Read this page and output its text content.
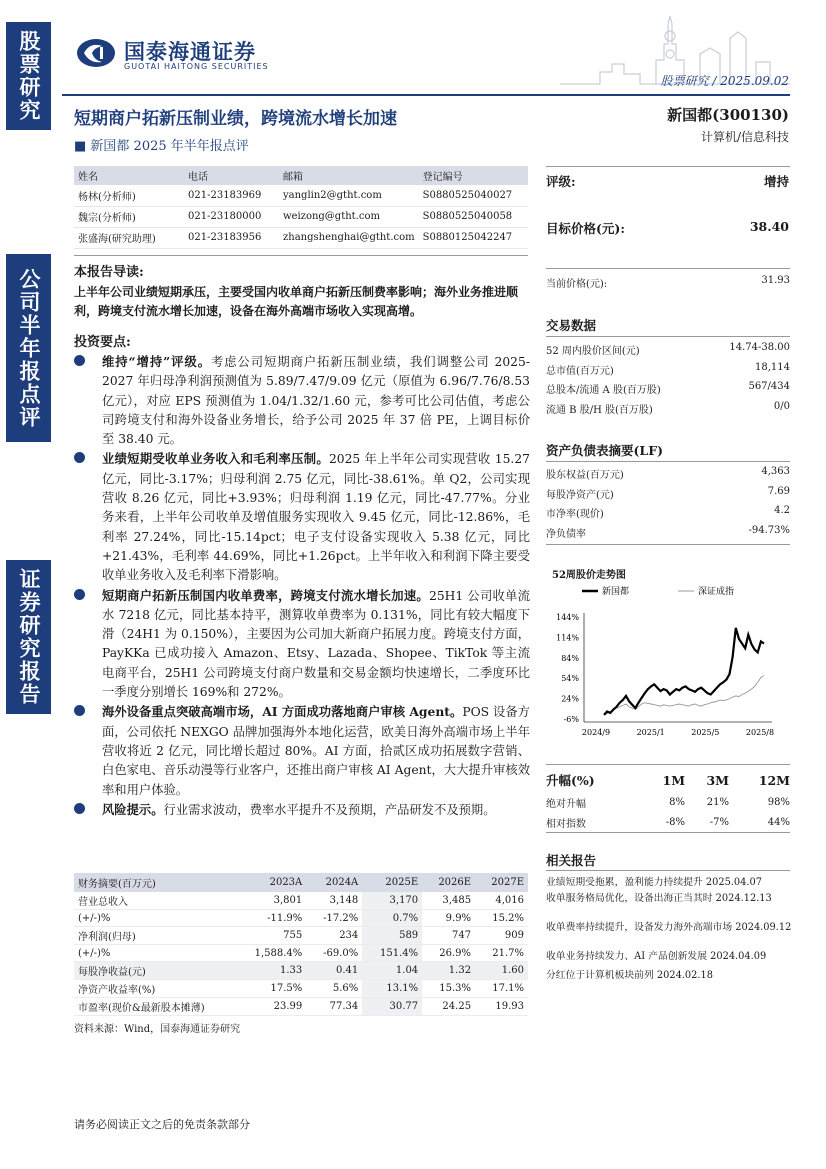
股票研究
公司半年报点评
证券研究报告
国泰海通证券
GUOTAI HAITONG SECURITIES
股票研究 / 2025.09.02
短期商户拓新压制业绩，跨境流水增长加速
■ 新国都 2025 年半年报点评
新国都(300130)
计算机/信息科技
姓名	电话	邮箱	登记编号
杨林(分析师)	021-23183969	yanglin2@gtht.com	S0880525040027
魏宗(分析师)	021-23180000	weizong@gtht.com	S0880525040058
张盛海(研究助理)	021-23183956	zhangshenghai@gtht.com	S0880125042247
本报告导读:
上半年公司业绩短期承压，主要受国内收单商户拓新压制费率影响；海外业务推进顺利，跨境支付流水增长加速，设备在海外高端市场收入实现高增。
投资要点:
维持“增持”评级。考虑公司短期商户拓新压制业绩，我们调整公司 2025-2027 年归母净利润预测值为 5.89/7.47/9.09 亿元（原值为 6.96/7.76/8.53 亿元），对应 EPS 预测值为 1.04/1.32/1.60 元，参考可比公司估值，考虑公司跨境支付和海外设备业务增长，给予公司 2025 年 37 倍 PE，上调目标价至 38.40 元。
业绩短期受收单业务收入和毛利率压制。2025 年上半年公司实现营收 15.27 亿元，同比-3.17%；归母利润 2.75 亿元，同比-38.61%。单 Q2，公司实现营收 8.26 亿元，同比+3.93%；归母利润 1.19 亿元，同比-47.77%。分业务来看，上半年公司收单及增值服务实现收入 9.45 亿元，同比-12.86%，毛利率 27.24%，同比-15.14pct；电子支付设备实现收入 5.38 亿元，同比+21.43%，毛利率 44.69%，同比+1.26pct。上半年收入和利润下降主要受收单业务收入及毛利率下滑影响。
短期商户拓新压制国内收单费率，跨境支付流水增长加速。25H1 公司收单流水 7218 亿元，同比基本持平，测算收单费率为 0.131%，同比有较大幅度下滑（24H1 为 0.150%），主要因为公司加大新商户拓展力度。跨境支付方面，PayKKa 已成功接入 Amazon、Etsy、Lazada、Shopee、TikTok 等主流电商平台，25H1 公司跨境支付商户数量和交易金额均快速增长，二季度环比一季度分别增长 169%和 272%。
海外设备重点突破高端市场，AI 方面成功落地商户审核 Agent。POS 设备方面，公司依托 NEXGO 品牌加强海外本地化运营，欧美日海外高端市场上半年营收将近 2 亿元，同比增长超过 80%。AI 方面，拾贰区成功拓展数字营销、白色家电、音乐动漫等行业客户，还推出商户审核 AI Agent，大大提升审核效率和用户体验。
风险提示。行业需求波动，费率水平提升不及预期，产品研发不及预期。
财务摘要(百万元)	2023A	2024A	2025E	2026E	2027E
营业总收入	3,801	3,148	3,170	3,485	4,016
(+/-)%	-11.9%	-17.2%	0.7%	9.9%	15.2%
净利润(归母)	755	234	589	747	909
(+/-)%	1,588.4%	-69.0%	151.4%	26.9%	21.7%
每股净收益(元)	1.33	0.41	1.04	1.32	1.60
净资产收益率(%)	17.5%	5.6%	13.1%	15.3%	17.1%
市盈率(现价&最新股本摊薄)	23.99	77.34	30.77	24.25	19.93
资料来源：Wind，国泰海通证券研究
请务必阅读正文之后的免责条款部分
评级:	增持
目标价格(元):	38.40
当前价格(元):	31.93
交易数据
52 周内股价区间(元)	14.74-38.00
总市值(百万元)	18,114
总股本/流通 A 股(百万股)	567/434
流通 B 股/H 股(百万股)	0/0
资产负债表摘要(LF)
股东权益(百万元)	4,363
每股净资产(元)	7.69
市净率(现价)	4.2
净负债率	-94.73%
52周股价走势图
新国都	深证成指
144%
114%
84%
54%
24%
-6%
2024/9	2025/1	2025/5	2025/8
升幅(%)	1M	3M	12M
绝对升幅	8%	21%	98%
相对指数	-8%	-7%	44%
相关报告
业绩短期受拖累，盈利能力持续提升 2025.04.07
收单服务格局优化，设备出海正当其时 2024.12.13
收单费率持续提升，设备发力海外高端市场 2024.09.12
收单业务持续发力、AI 产品创新发展 2024.04.09
分红位于计算机板块前列 2024.02.18
